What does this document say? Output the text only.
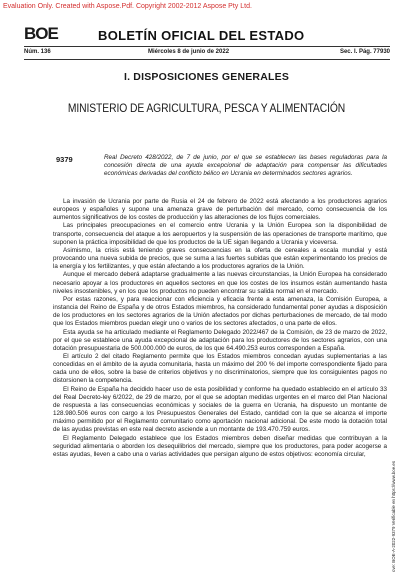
Evaluation Only. Created with Aspose.Pdf. Copyright 2002-2012 Aspose Pty Ltd.
BOE	BOLETÍN OFICIAL DEL ESTADO
Núm. 136	Miércoles 8 de junio de 2022	Sec. I. Pág. 77930
I. DISPOSICIONES GENERALES
MINISTERIO DE AGRICULTURA, PESCA Y ALIMENTACIÓN
9379	Real Decreto 428/2022, de 7 de junio, por el que se establecen las bases reguladoras para la concesión directa de una ayuda excepcional de adaptación para compensar las dificultades económicas derivadas del conflicto bélico en Ucrania en determinados sectores agrarios.

La invasión de Ucrania por parte de Rusia el 24 de febrero de 2022 está afectando a los productores agrarios europeos y españoles y supone una amenaza grave de perturbación del mercado, como consecuencia de los aumentos significativos de los costes de producción y las alteraciones de los flujos comerciales.

Las principales preocupaciones en el comercio entre Ucrania y la Unión Europea son la disponibilidad de transporte, consecuencia del ataque a los aeropuertos y la suspensión de las operaciones de transporte marítimo, que suponen la práctica imposibilidad de que los productos de la UE sigan llegando a Ucrania y viceversa.

Asimismo, la crisis está teniendo graves consecuencias en la oferta de cereales a escala mundial y está provocando una nueva subida de precios, que se suma a las fuertes subidas que están experimentando los precios de la energía y los fertilizantes, y que están afectando a los productores agrarios de la Unión.

Aunque el mercado deberá adaptarse gradualmente a las nuevas circunstancias, la Unión Europea ha considerado necesario apoyar a los productores en aquellos sectores en que los costes de los insumos están aumentando hasta niveles insostenibles, y en los que los productos no pueden encontrar su salida normal en el mercado.

Por estas razones, y para reaccionar con eficiencia y eficacia frente a esta amenaza, la Comisión Europea, a instancia del Reino de España y de otros Estados miembros, ha considerado fundamental poner ayudas a disposición de los productores en los sectores agrarios de la Unión afectados por dichas perturbaciones de mercado, de tal modo que los Estados miembros puedan elegir uno o varios de los sectores afectados, o una parte de ellos.

Esta ayuda se ha articulado mediante el Reglamento Delegado 2022/467 de la Comisión, de 23 de marzo de 2022, por el que se establece una ayuda excepcional de adaptación para los productores de los sectores agrarios, con una dotación presupuestaria de 500.000.000 de euros, de los que 64.490.253 euros corresponden a España.

El artículo 2 del citado Reglamento permite que los Estados miembros concedan ayudas suplementarias a las concedidas en el ámbito de la ayuda comunitaria, hasta un máximo del 200 % del importe correspondiente fijado para cada uno de ellos, sobre la base de criterios objetivos y no discriminatorios, siempre que los consiguientes pagos no distorsionen la competencia.

El Reino de España ha decidido hacer uso de esta posibilidad y conforme ha quedado establecido en el artículo 33 del Real Decreto-ley 6/2022, de 29 de marzo, por el que se adoptan medidas urgentes en el marco del Plan Nacional de respuesta a las consecuencias económicas y sociales de la guerra en Ucrania, ha dispuesto un montante de 128.980.506 euros con cargo a los Presupuestos Generales del Estado, cantidad con la que se alcanza el importe máximo permitido por el Reglamento comunitario como aportación nacional adicional. De este modo la dotación total de las ayudas previstas en este real decreto asciende a un montante de 193.470.759 euros.

El Reglamento Delegado establece que los Estados miembros deben diseñar medidas que contribuyan a la seguridad alimentaria o aborden los desequilibrios del mercado, siempre que los productores, para poder acogerse a estas ayudas, lleven a cabo una o varias actividades que persigan alguno de estos objetivos: economía circular,

cve: BOE-A-2022-9379 Verificable en https://www.boe.es
